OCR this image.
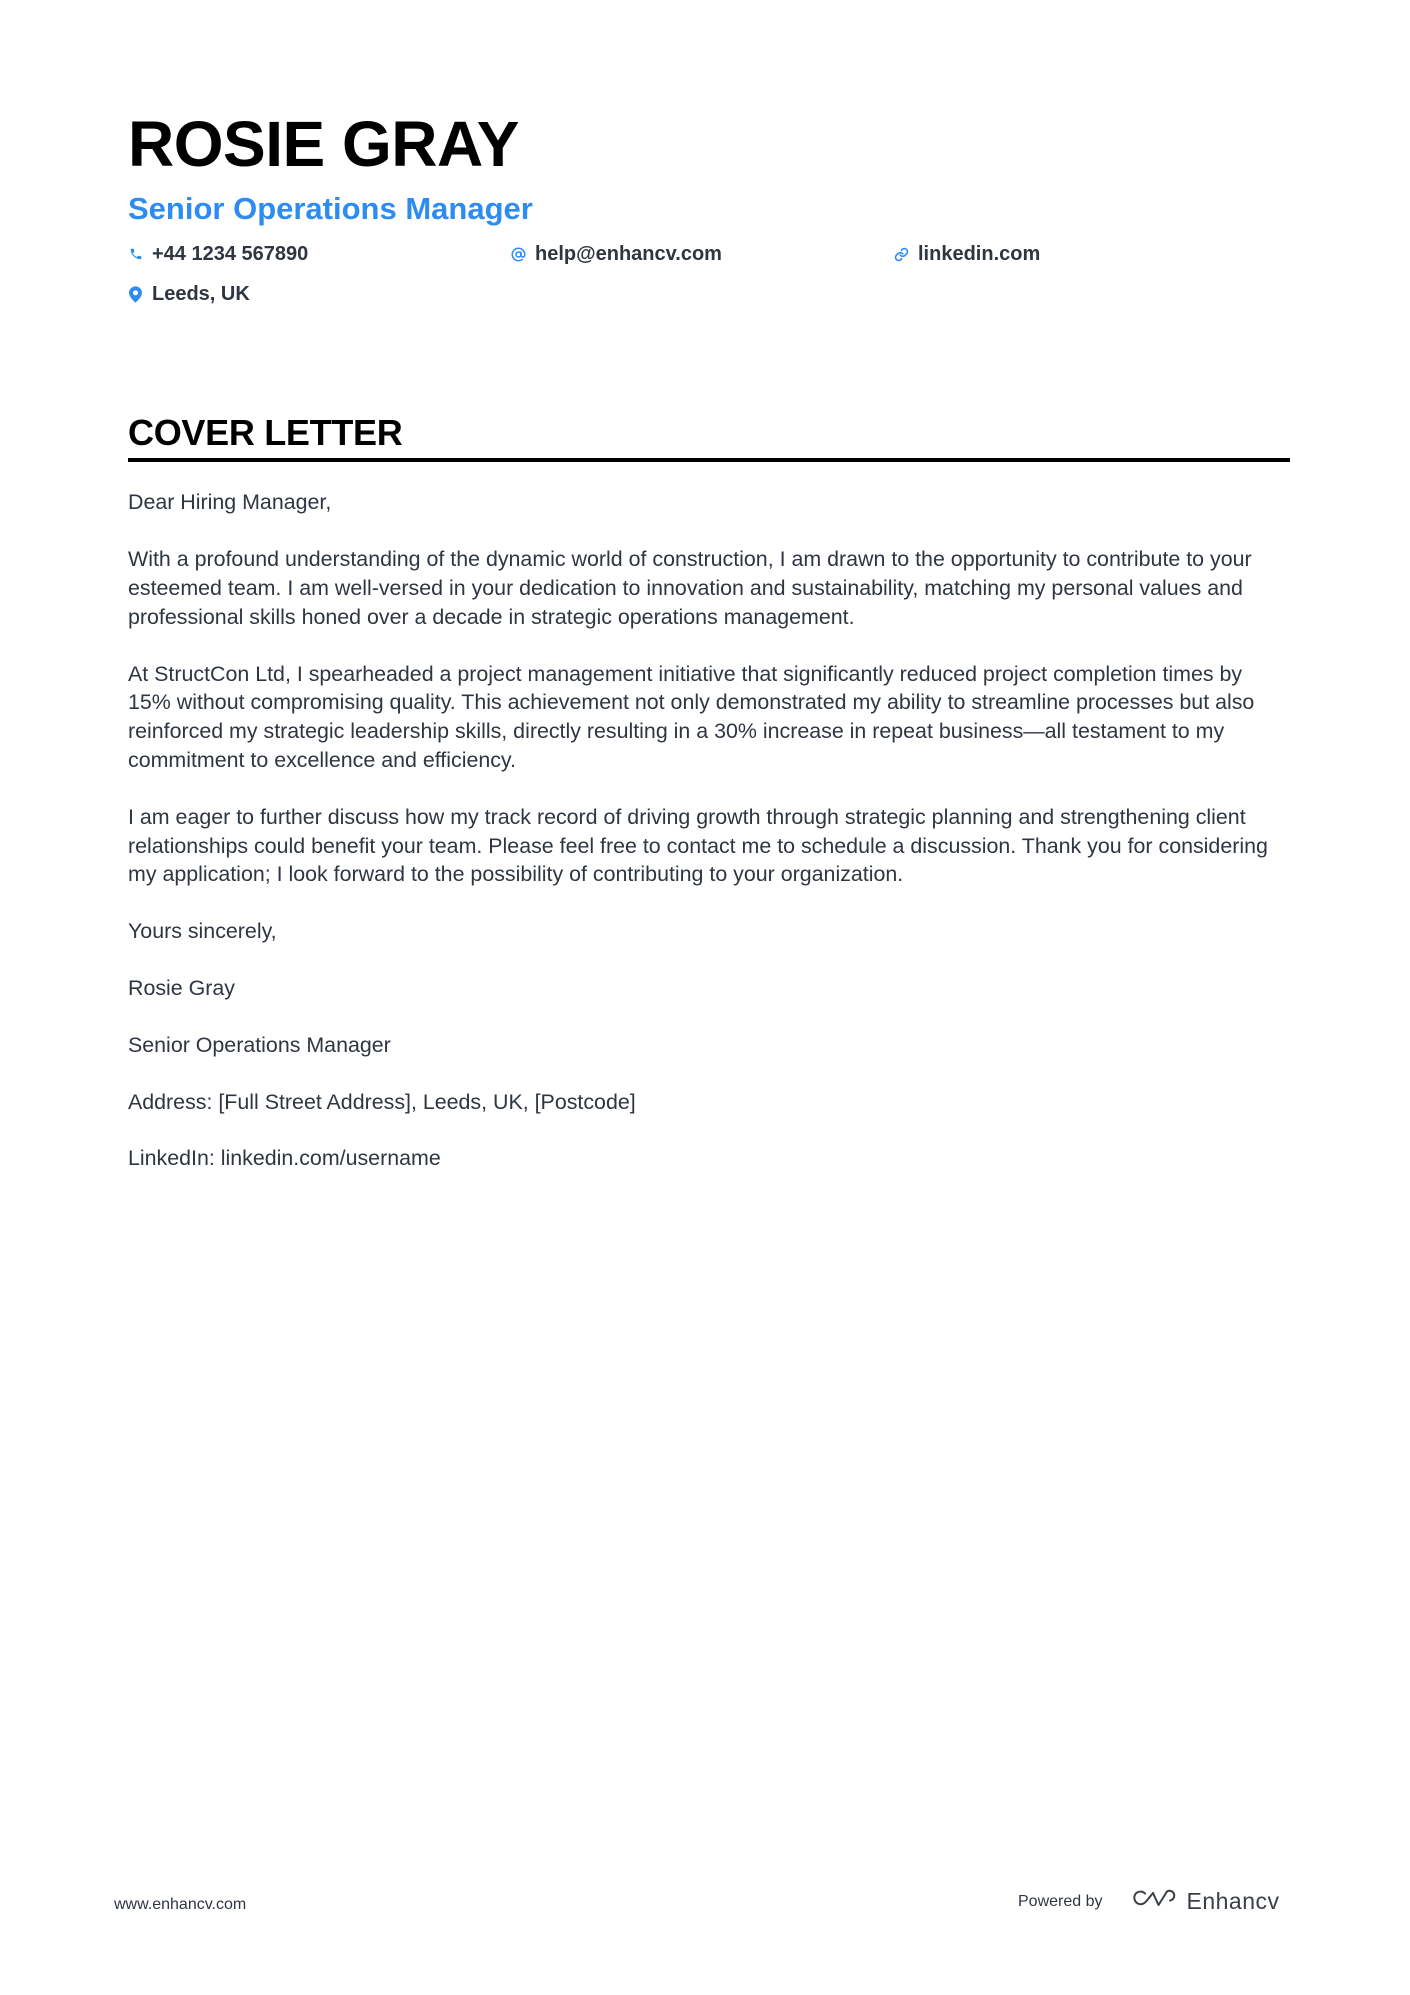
ROSIE GRAY
Senior Operations Manager
+44 1234 567890	help@enhancv.com	linkedin.com
Leeds, UK
COVER LETTER

Dear Hiring Manager,

With a profound understanding of the dynamic world of construction, I am drawn to the opportunity to contribute to your esteemed team. I am well-versed in your dedication to innovation and sustainability, matching my personal values and professional skills honed over a decade in strategic operations management.

At StructCon Ltd, I spearheaded a project management initiative that significantly reduced project completion times by 15% without compromising quality. This achievement not only demonstrated my ability to streamline processes but also reinforced my strategic leadership skills, directly resulting in a 30% increase in repeat business—all testament to my commitment to excellence and efficiency.

I am eager to further discuss how my track record of driving growth through strategic planning and strengthening client relationships could benefit your team. Please feel free to contact me to schedule a discussion. Thank you for considering my application; I look forward to the possibility of contributing to your organization.

Yours sincerely,

Rosie Gray

Senior Operations Manager

Address: [Full Street Address], Leeds, UK, [Postcode]

LinkedIn: linkedin.com/username

www.enhancv.com	Powered by	Enhancv
